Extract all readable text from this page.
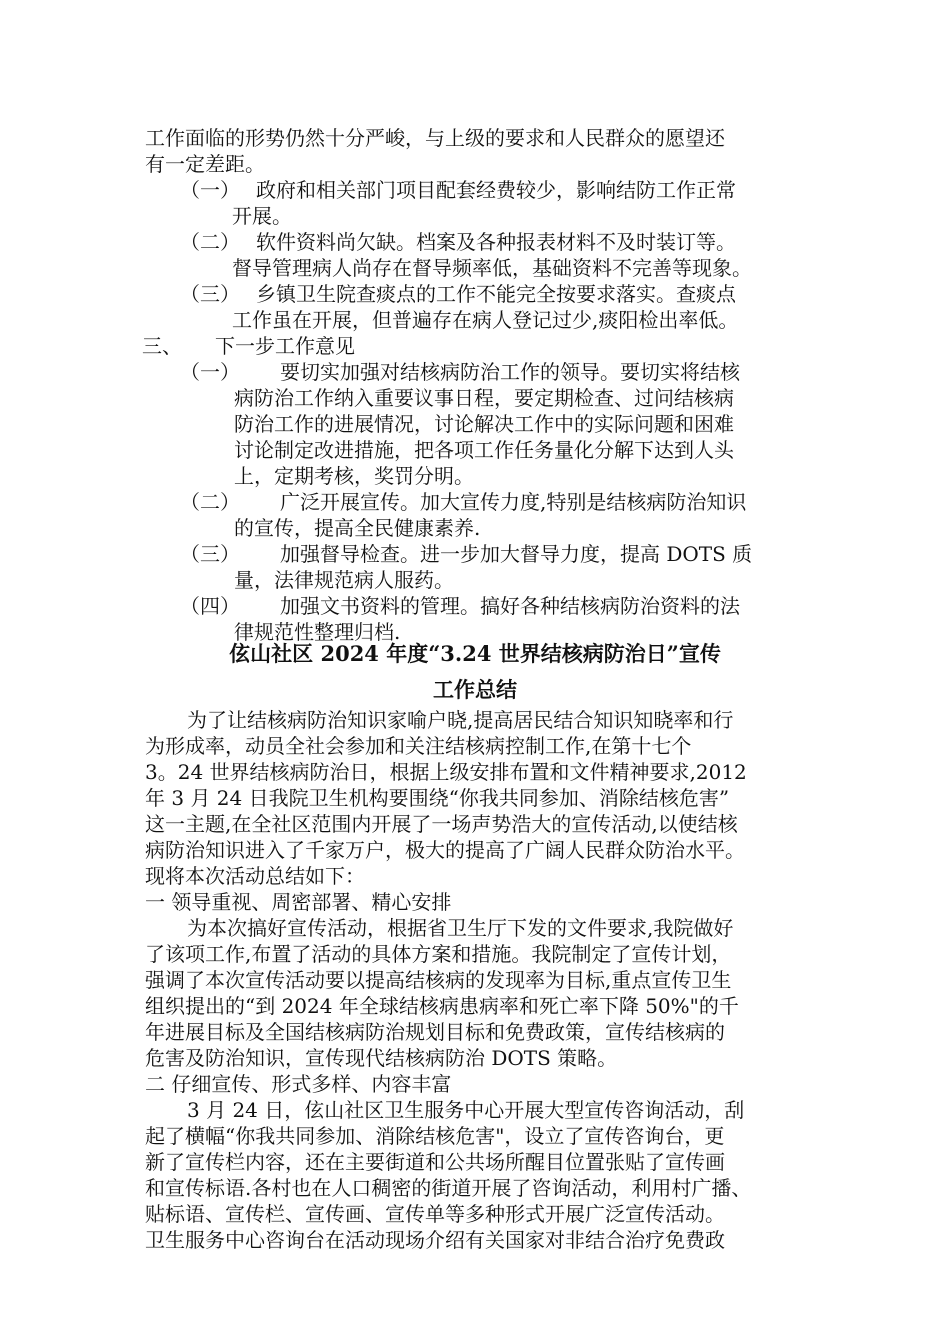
工作面临的形势仍然十分严峻，与上级的要求和人民群众的愿望还
有一定差距。
（一） 政府和相关部门项目配套经费较少，影响结防工作正常
开展。
（二） 软件资料尚欠缺。档案及各种报表材料不及时装订等。
督导管理病人尚存在督导频率低，基础资料不完善等现象。
（三） 乡镇卫生院查痰点的工作不能完全按要求落实。查痰点
工作虽在开展，但普遍存在病人登记过少,痰阳检出率低。
三、 下一步工作意见
（一） 要切实加强对结核病防治工作的领导。要切实将结核
病防治工作纳入重要议事日程，要定期检查、过问结核病
防治工作的进展情况，讨论解决工作中的实际问题和困难
讨论制定改进措施，把各项工作任务量化分解下达到人头
上，定期考核，奖罚分明。
（二） 广泛开展宣传。加大宣传力度,特别是结核病防治知识
的宣传，提高全民健康素养.
（三） 加强督导检查。进一步加大督导力度，提高 DOTS 质
量，法律规范病人服药。
（四） 加强文书资料的管理。搞好各种结核病防治资料的法
律规范性整理归档.
伭山社区 2024 年度“3.24 世界结核病防治日”宣传
工作总结
为了让结核病防治知识家喻户晓,提高居民结合知识知晓率和行
为形成率，动员全社会参加和关注结核病控制工作,在第十七个
3。24 世界结核病防治日，根据上级安排布置和文件精神要求,2012
年 3 月 24 日我院卫生机构要围绕“你我共同参加、消除结核危害”
这一主题,在全社区范围内开展了一场声势浩大的宣传活动,以使结核
病防治知识进入了千家万户，极大的提高了广阔人民群众防治水平。
现将本次活动总结如下：
一 领导重视、周密部署、精心安排
为本次搞好宣传活动，根据省卫生厅下发的文件要求,我院做好
了该项工作,布置了活动的具体方案和措施。我院制定了宣传计划，
强调了本次宣传活动要以提高结核病的发现率为目标,重点宣传卫生
组织提出的“到 2024 年全球结核病患病率和死亡率下降 50%"的千
年进展目标及全国结核病防治规划目标和免费政策，宣传结核病的
危害及防治知识，宣传现代结核病防治 DOTS 策略。
二 仔细宣传、形式多样、内容丰富
3 月 24 日，伭山社区卫生服务中心开展大型宣传咨询活动，刮
起了横幅“你我共同参加、消除结核危害"，设立了宣传咨询台，更
新了宣传栏内容，还在主要街道和公共场所醒目位置张贴了宣传画
和宣传标语.各村也在人口稠密的街道开展了咨询活动，利用村广播、
贴标语、宣传栏、宣传画、宣传单等多种形式开展广泛宣传活动。
卫生服务中心咨询台在活动现场介绍有关国家对非结合治疗免费政
